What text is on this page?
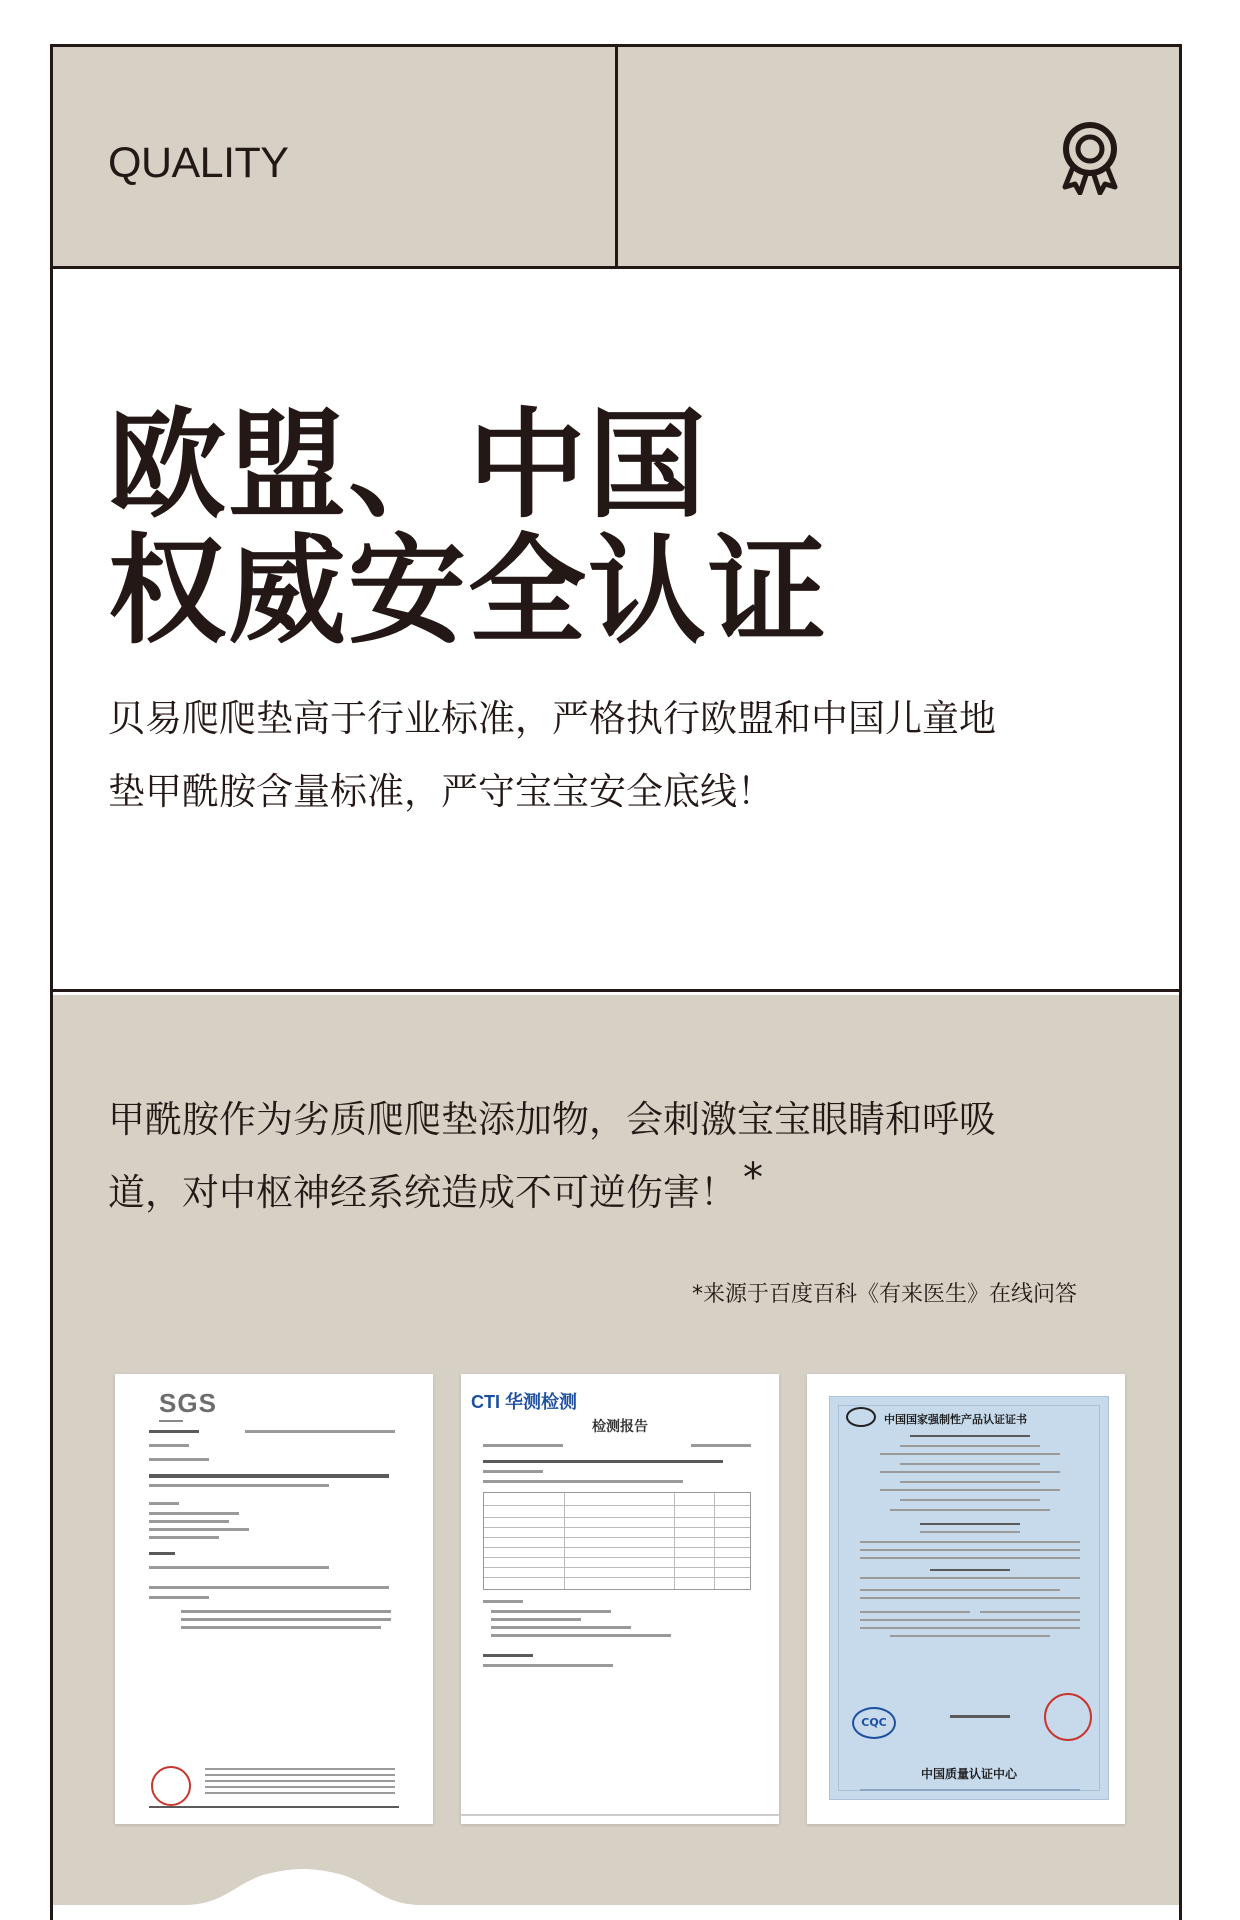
QUALITY
欧盟、中国
权威安全认证
贝易爬爬垫高于行业标准，严格执行欧盟和中国儿童地
垫甲酰胺含量标准，严守宝宝安全底线！
甲酰胺作为劣质爬爬垫添加物，会刺激宝宝眼睛和呼吸
道，对中枢神经系统造成不可逆伤害！ *
*来源于百度百科《有来医生》在线问答
SGS	CTI 华测检测
检测报告	中国国家强制性产品认证证书
CQC
中国质量认证中心
